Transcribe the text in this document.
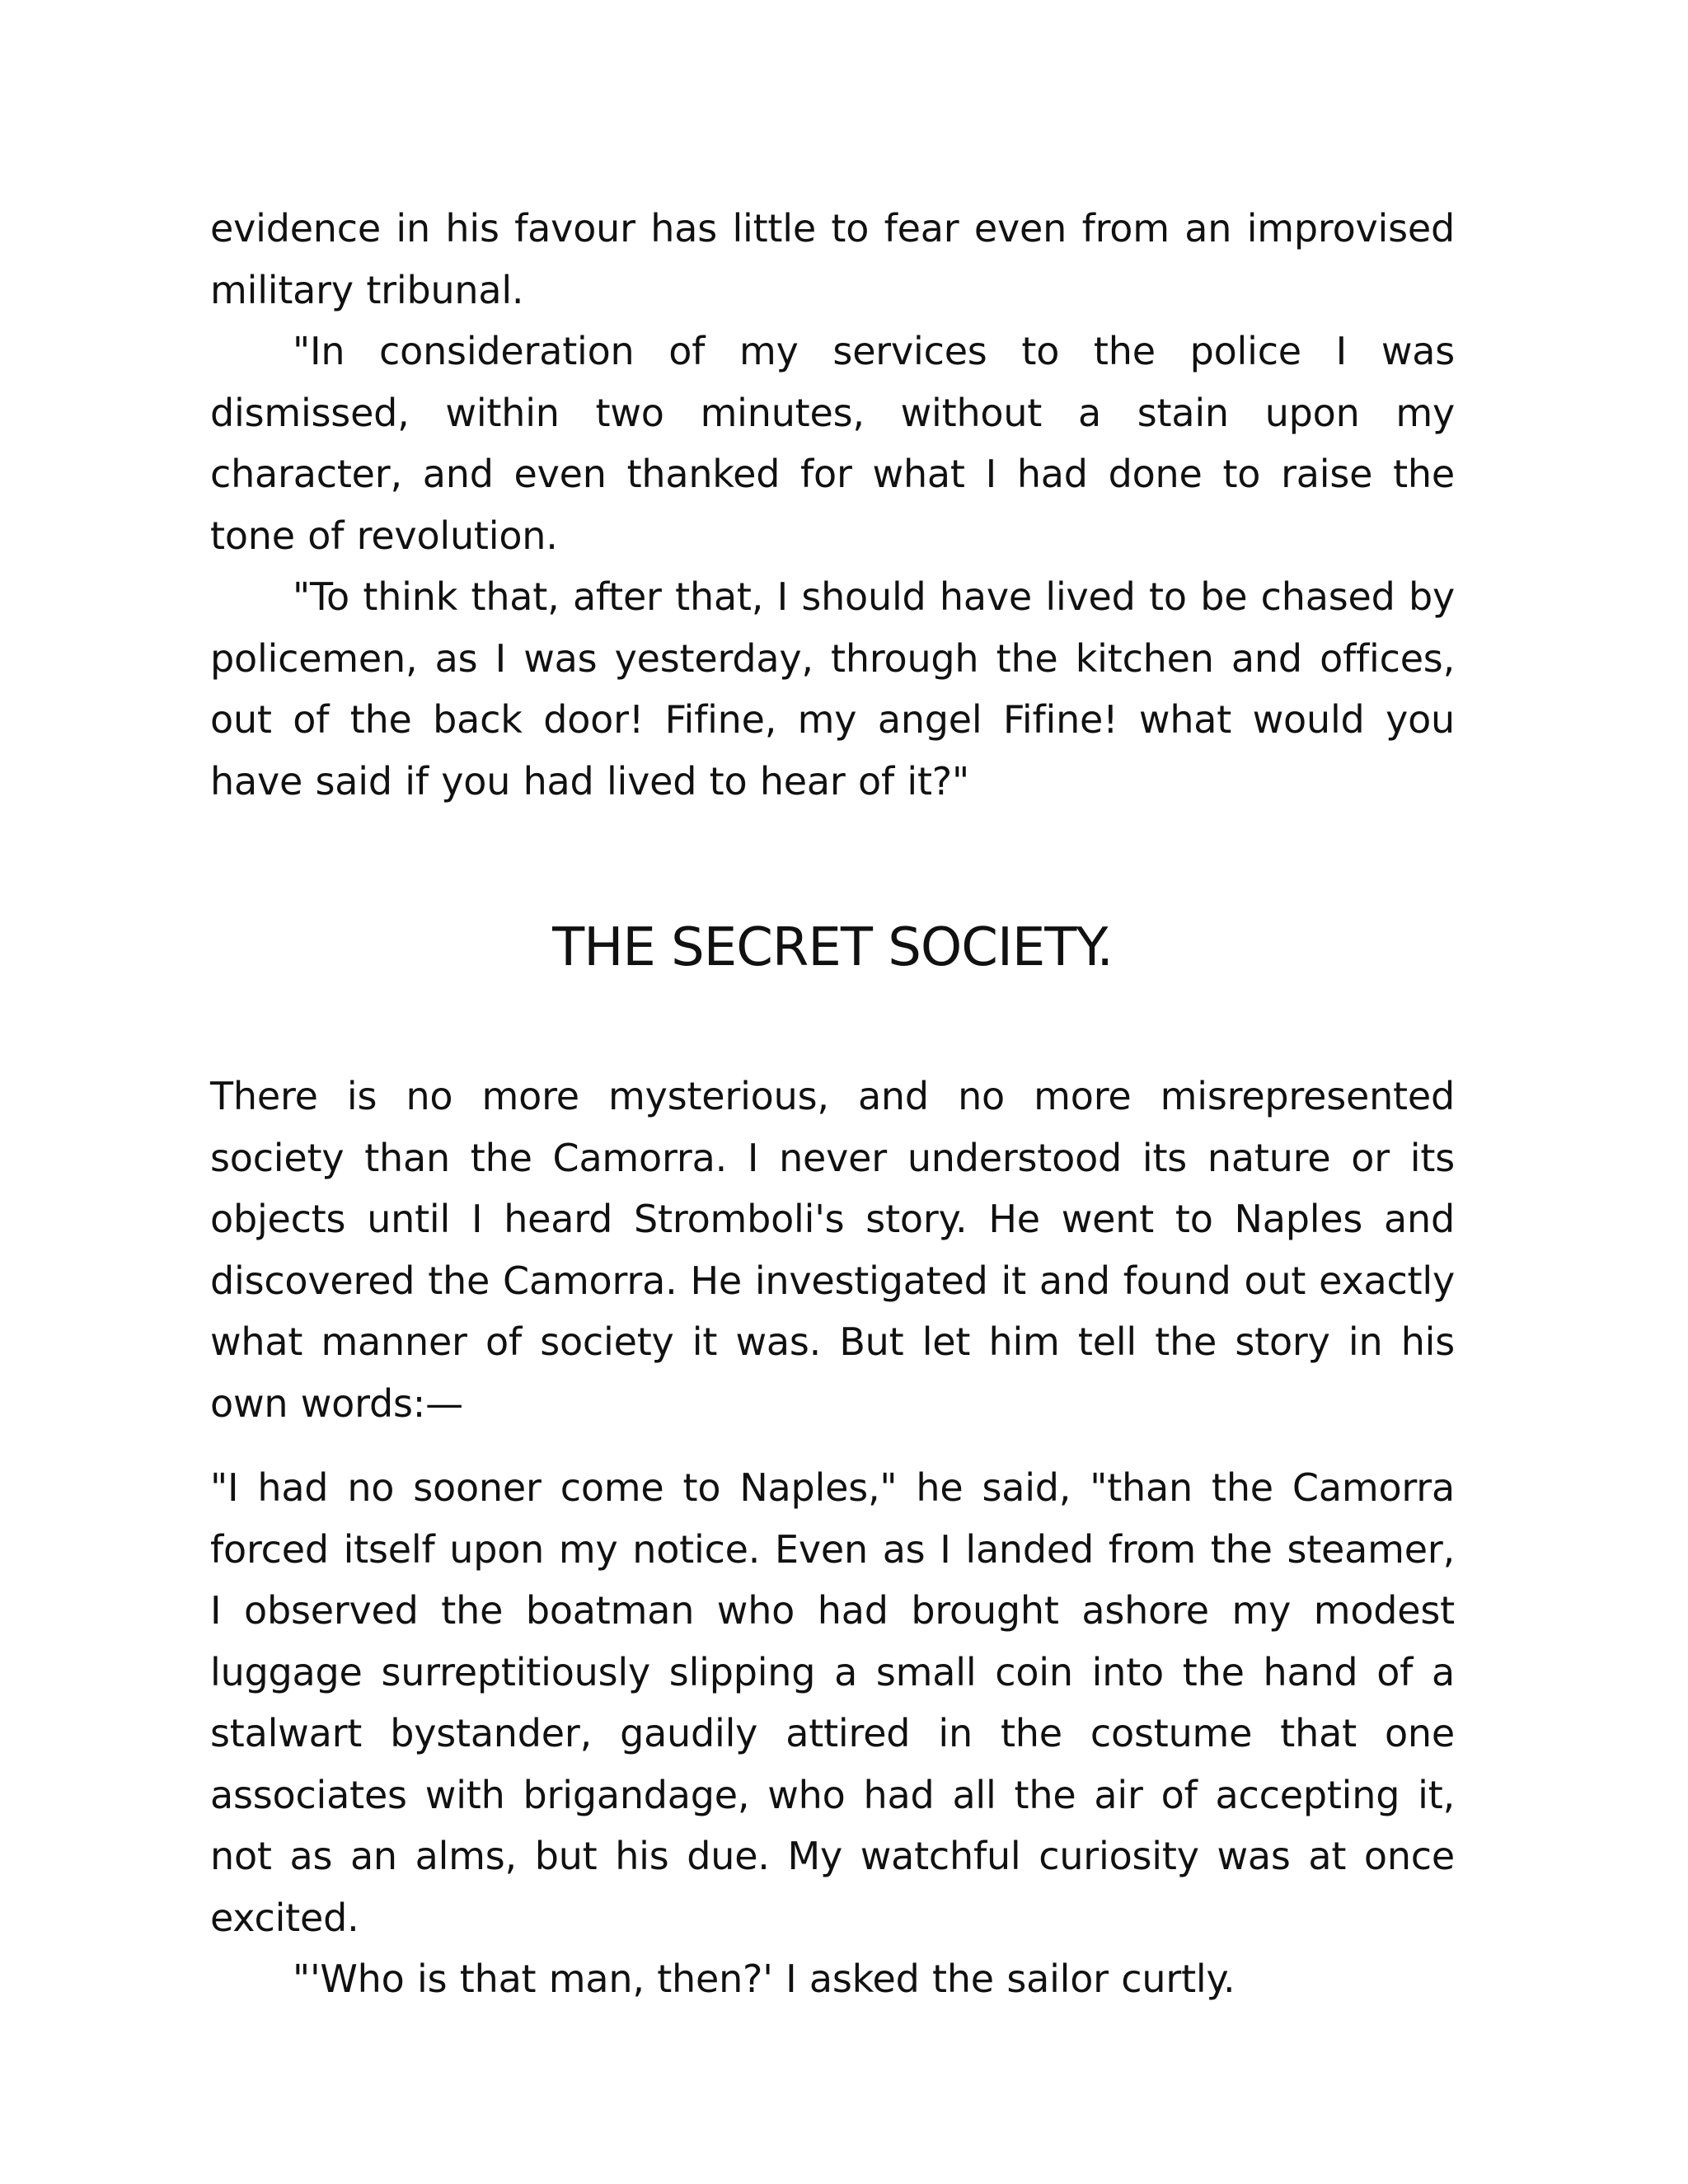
evidence in his favour has little to fear even from an improvised military tribunal.

"In consideration of my services to the police I was dismissed, within two minutes, without a stain upon my character, and even thanked for what I had done to raise the tone of revolution.

"To think that, after that, I should have lived to be chased by policemen, as I was yesterday, through the kitchen and offices, out of the back door! Fifine, my angel Fifine! what would you have said if you had lived to hear of it?"

THE SECRET SOCIETY.

There is no more mysterious, and no more misrepresented society than the Camorra. I never understood its nature or its objects until I heard Stromboli's story. He went to Naples and discovered the Camorra. He investigated it and found out exactly what manner of society it was. But let him tell the story in his own words:—

"I had no sooner come to Naples," he said, "than the Camorra forced itself upon my notice. Even as I landed from the steamer, I observed the boatman who had brought ashore my modest luggage surreptitiously slipping a small coin into the hand of a stalwart bystander, gaudily attired in the costume that one associates with brigandage, who had all the air of accepting it, not as an alms, but his due. My watchful curiosity was at once excited.

"'Who is that man, then?' I asked the sailor curtly.
